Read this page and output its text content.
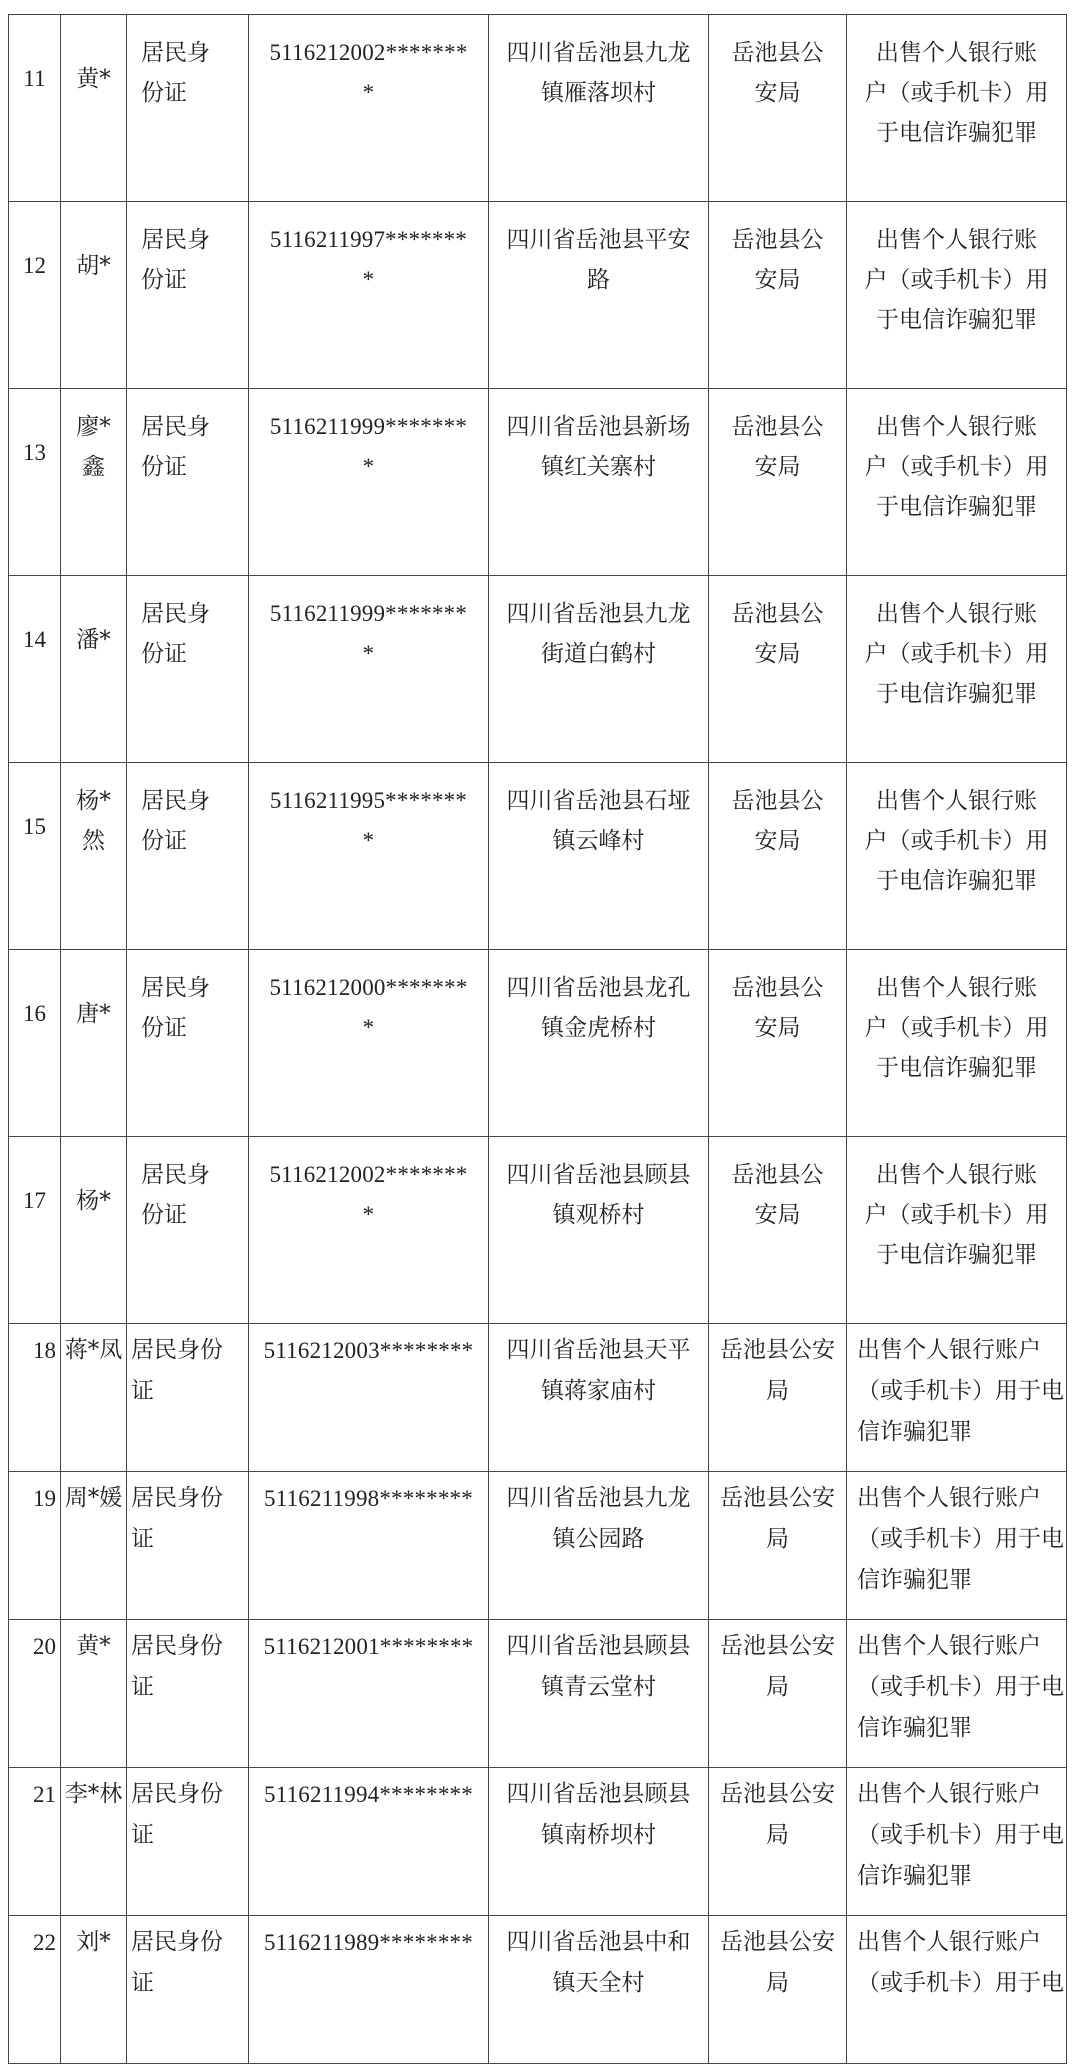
11	黄*	居民身
份证	5116212002*******
*	四川省岳池县九龙
镇雁落坝村	岳池县公
安局	出售个人银行账
户（或手机卡）用
于电信诈骗犯罪

12	胡*	居民身
份证	5116211997*******
*	四川省岳池县平安
路	岳池县公
安局	出售个人银行账
户（或手机卡）用
于电信诈骗犯罪

13	廖*
鑫	居民身
份证	5116211999*******
*	四川省岳池县新场
镇红关寨村	岳池县公
安局	出售个人银行账
户（或手机卡）用
于电信诈骗犯罪

14	潘*	居民身
份证	5116211999*******
*	四川省岳池县九龙
街道白鹤村	岳池县公
安局	出售个人银行账
户（或手机卡）用
于电信诈骗犯罪

15	杨*
然	居民身
份证	5116211995*******
*	四川省岳池县石垭
镇云峰村	岳池县公
安局	出售个人银行账
户（或手机卡）用
于电信诈骗犯罪

16	唐*	居民身
份证	5116212000*******
*	四川省岳池县龙孔
镇金虎桥村	岳池县公
安局	出售个人银行账
户（或手机卡）用
于电信诈骗犯罪

17	杨*	居民身
份证	5116212002*******
*	四川省岳池县顾县
镇观桥村	岳池县公
安局	出售个人银行账
户（或手机卡）用
于电信诈骗犯罪

18	蒋*凤	居民身份
证	5116212003********	四川省岳池县天平
镇蒋家庙村	岳池县公安
局	出售个人银行账户
（或手机卡）用于电
信诈骗犯罪

19	周*媛	居民身份
证	5116211998********	四川省岳池县九龙
镇公园路	岳池县公安
局	出售个人银行账户
（或手机卡）用于电
信诈骗犯罪

20	黄*	居民身份
证	5116212001********	四川省岳池县顾县
镇青云堂村	岳池县公安
局	出售个人银行账户
（或手机卡）用于电
信诈骗犯罪

21	李*林	居民身份
证	5116211994********	四川省岳池县顾县
镇南桥坝村	岳池县公安
局	出售个人银行账户
（或手机卡）用于电
信诈骗犯罪

22	刘*	居民身份
证	5116211989********	四川省岳池县中和
镇天全村	岳池县公安
局	出售个人银行账户
（或手机卡）用于电
